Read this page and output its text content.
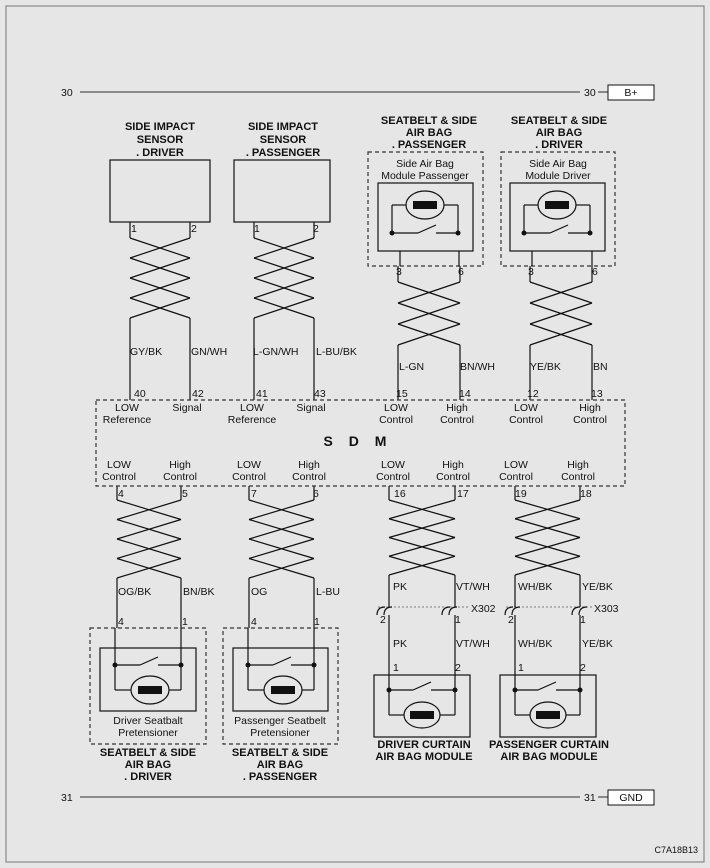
30	30	B+
SIDE IMPACT
SENSOR
. DRIVER
SIDE IMPACT
SENSOR
. PASSENGER
SEATBELT & SIDE
AIR BAG
. PASSENGER
SEATBELT & SIDE
AIR BAG
. DRIVER
1	2	1	2
Side Air Bag
Module Passenger
3	6
Side Air Bag
Module Driver
3	6
GY/BK	GN/WH L-GN/WH L-BU/BK
L-GN	BN/WH	YE/BK	BN
S D M
40	42	41	43	15	14	12	13
LOW
Reference
Signal	LOW
Reference
Signal	LOW
Control
High
Control
LOW
Control
High
Control
LOW
Control
High
Control
LOW
Control
High
Control
LOW
Control
High
Control
LOW
Control
High
Control
4	5	7	6	16	17	19	18
OG/BK	BN/BK	OG	L-BU	PK	VT/WH	WH/BK	YE/BK
X302
2	1
PK	VT/WH
X303
2	1
WH/BK	YE/BK
4	1
Driver Seatbalt
Pretensioner
4	1
Passenger Seatbelt
Pretensioner
1	2	1	2
SEATBELT & SIDE
AIR BAG
. DRIVER
SEATBELT & SIDE
AIR BAG
. PASSENGER
DRIVER CURTAIN
AIR BAG MODULE
PASSENGER CURTAIN
AIR BAG MODULE
31	31 GND
C7A18B13
